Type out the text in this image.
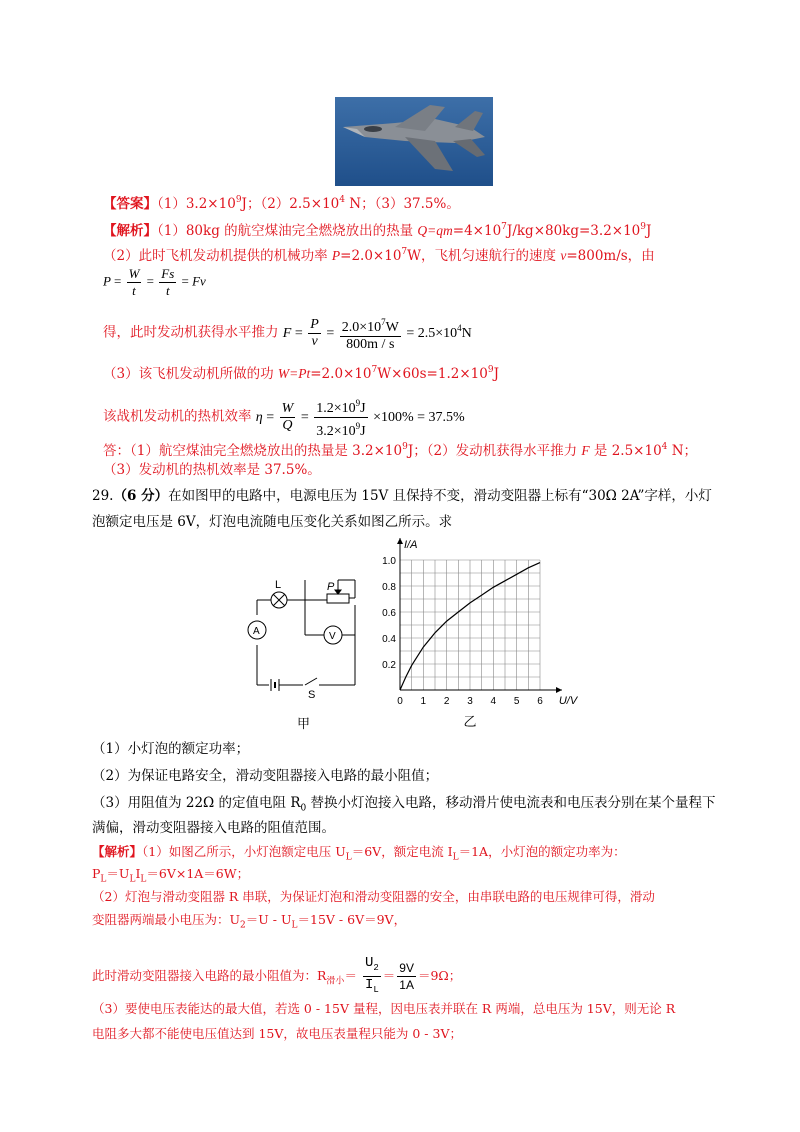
【答案】$(1)3.2\times 10^9J$；$(2)2.5\times 10^4$ N；（3）37.5%。
【解析】（1）80kg 的航空煤油完全燃烧放出的热量 $Q=qm=4\times 10^7J/kg\times 80kg=3.2\times 10^9J$
（2）此时飞机发动机提供的机械功率 $P=2.0\times 10^7W$，飞机匀速航行的速度 v=800m/s，由
$P = \frac{W}{t} = \frac{Fs}{t} = Fv$
得，此时发动机获得水平推力 $F = \frac{P}{v} = \frac{2.0\times 10^7W}{800m / s} = 2.5\times 10^4N$
（3）该飞机发动机所做的功 $W=Pt=2.0\times 10^7W\times 60s=1.2\times 10^9J$
该战机发动机的热机效率 $\eta = \frac{W}{Q} = \frac{1.2\times 10^9J}{3.2\times 10^9J} \times 100\% = 37.5\%$
答：（1）航空煤油完全燃烧放出的热量是 $3.2\times 10^9J$；（2）发动机获得水平推力 F 是 $2.5\times 10^4$ N；
（3）发动机的热机效率是 37.5%。
29.（6 分）在如图甲的电路中，电源电压为 15V 且保持不变，滑动变阻器上标有“30Ω 2A”字样，小灯
泡额定电压是 6V，灯泡电流随电压变化关系如图乙所示。求
L	P
A	V
S
甲
0 1 2 3 4 5 6
0.2
0.4
0.6
0.8
1.0
U/V
I/A
乙
（1）小灯泡的额定功率；
（2）为保证电路安全，滑动变阻器接入电路的最小阻值；
（3）用阻值为 22Ω 的定值电阻 $R_0$ 替换小灯泡接入电路，移动滑片使电流表和电压表分别在某个量程下
满偏，滑动变阻器接入电路的阻值范围。
【解析】（1）如图乙所示，小灯泡额定电压 $U_L=6V$，额定电流 $I_L=1A$，小灯泡的额定功率为：
$P_L=U_LI_L=6V\times 1A=6W$；
（2）灯泡与滑动变阻器 R 串联，为保证灯泡和滑动变阻器的安全，由串联电路的电压规律可得，滑动
变阻器两端最小电压为：$U_2=U - U_L=15V - 6V=9V$，
此时滑动变阻器接入电路的最小阻值为：$R_{滑小}= \frac{U_2}{I_L} = \frac{9V}{1A} =9\Omega$；
（3）要使电压表能达的最大值，若选 0 - 15V 量程，因电压表并联在 R 两端，总电压为 15V，则无论 R
电阻多大都不能使电压值达到 15V，故电压表量程只能为 0 - 3V；
